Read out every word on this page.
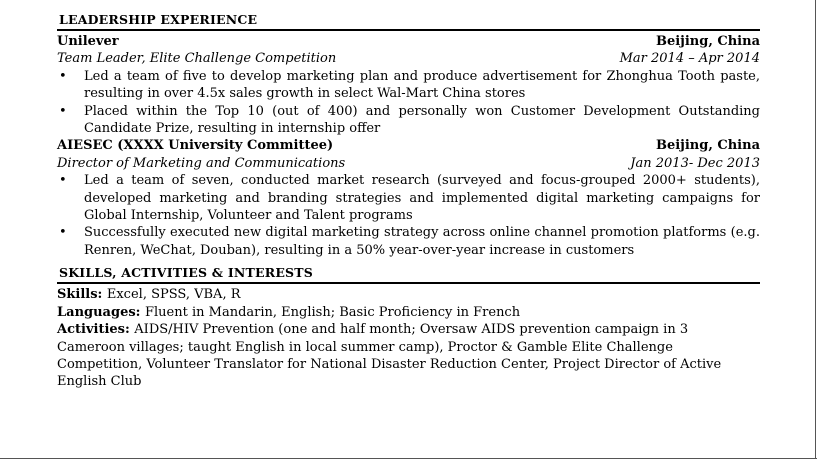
LEADERSHIP EXPERIENCE
Unilever	Beijing, China
Team Leader, Elite Challenge Competition	Mar 2014 – Apr 2014
• Led a team of five to develop marketing plan and produce advertisement for Zhonghua Tooth paste, resulting in over 4.5x sales growth in select Wal-Mart China stores
• Placed within the Top 10 (out of 400) and personally won Customer Development Outstanding Candidate Prize, resulting in internship offer
AIESEC (XXXX University Committee)	Beijing, China
Director of Marketing and Communications	Jan 2013- Dec 2013
• Led a team of seven, conducted market research (surveyed and focus-grouped 2000+ students), developed marketing and branding strategies and implemented digital marketing campaigns for Global Internship, Volunteer and Talent programs
• Successfully executed new digital marketing strategy across online channel promotion platforms (e.g. Renren, WeChat, Douban), resulting in a 50% year-over-year increase in customers
SKILLS, ACTIVITIES & INTERESTS
Skills: Excel, SPSS, VBA, R
Languages: Fluent in Mandarin, English; Basic Proficiency in French
Activities: AIDS/HIV Prevention (one and half month; Oversaw AIDS prevention campaign in 3 Cameroon villages; taught English in local summer camp), Proctor & Gamble Elite Challenge Competition, Volunteer Translator for National Disaster Reduction Center, Project Director of Active English Club
